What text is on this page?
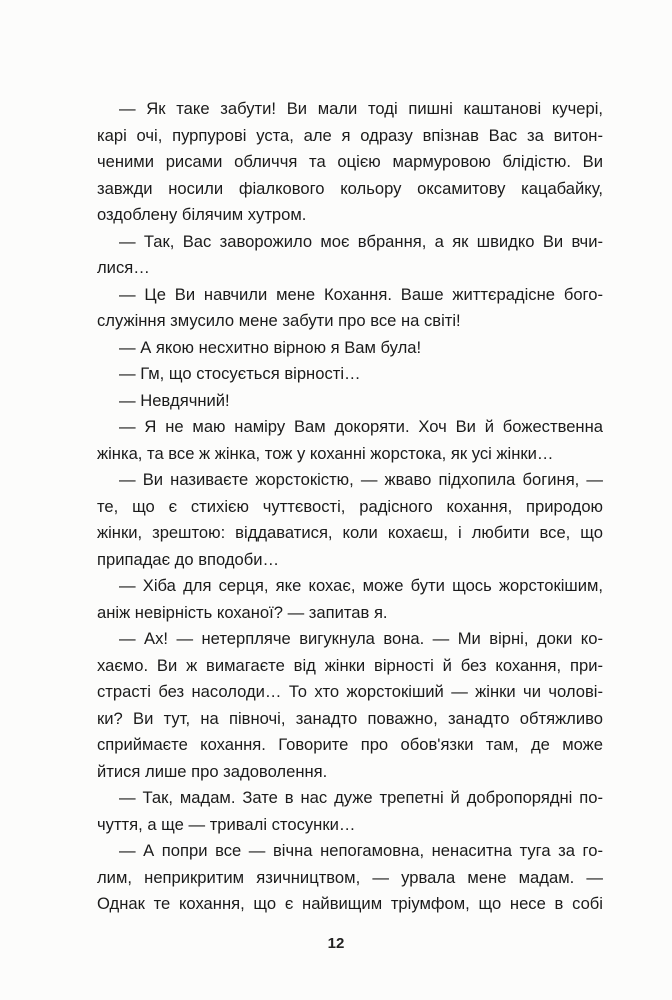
— Як таке забути! Ви мали тоді пишні каштанові кучері,
карі очі, пурпурові уста, але я одразу впізнав Вас за витон-
ченими рисами обличчя та оцією мармуровою блідістю. Ви
завжди носили фіалкового кольору оксамитову кацабайку,
оздоблену білячим хутром.
— Так, Вас заворожило моє вбрання, а як швидко Ви вчи-
лися…
— Це Ви навчили мене Кохання. Ваше життєрадісне бого-
служіння змусило мене забути про все на світі!
— А якою несхитно вірною я Вам була!
— Гм, що стосується вірності…
— Невдячний!
— Я не маю наміру Вам докоряти. Хоч Ви й божественна
жінка, та все ж жінка, тож у коханні жорстока, як усі жінки…
— Ви називаєте жорстокістю, — жваво підхопила богиня, —
те, що є стихією чуттєвості, радісного кохання, природою
жінки, зрештою: віддаватися, коли кохаєш, і любити все, що
припадає до вподоби…
— Хіба для серця, яке кохає, може бути щось жорстокішим,
аніж невірність коханої? — запитав я.
— Ах! — нетерпляче вигукнула вона. — Ми вірні, доки ко-
хаємо. Ви ж вимагаєте від жінки вірності й без кохання, при-
страсті без насолоди… То хто жорстокіший — жінки чи чолові-
ки? Ви тут, на півночі, занадто поважно, занадто обтяжливо
сприймаєте кохання. Говорите про обов'язки там, де може
йтися лише про задоволення.
— Так, мадам. Зате в нас дуже трепетні й добропорядні по-
чуття, а ще — тривалі стосунки…
— А попри все — вічна непогамовна, ненаситна туга за го-
лим, неприкритим язичництвом, — урвала мене мадам. —
Однак те кохання, що є найвищим тріумфом, що несе в собі
12
